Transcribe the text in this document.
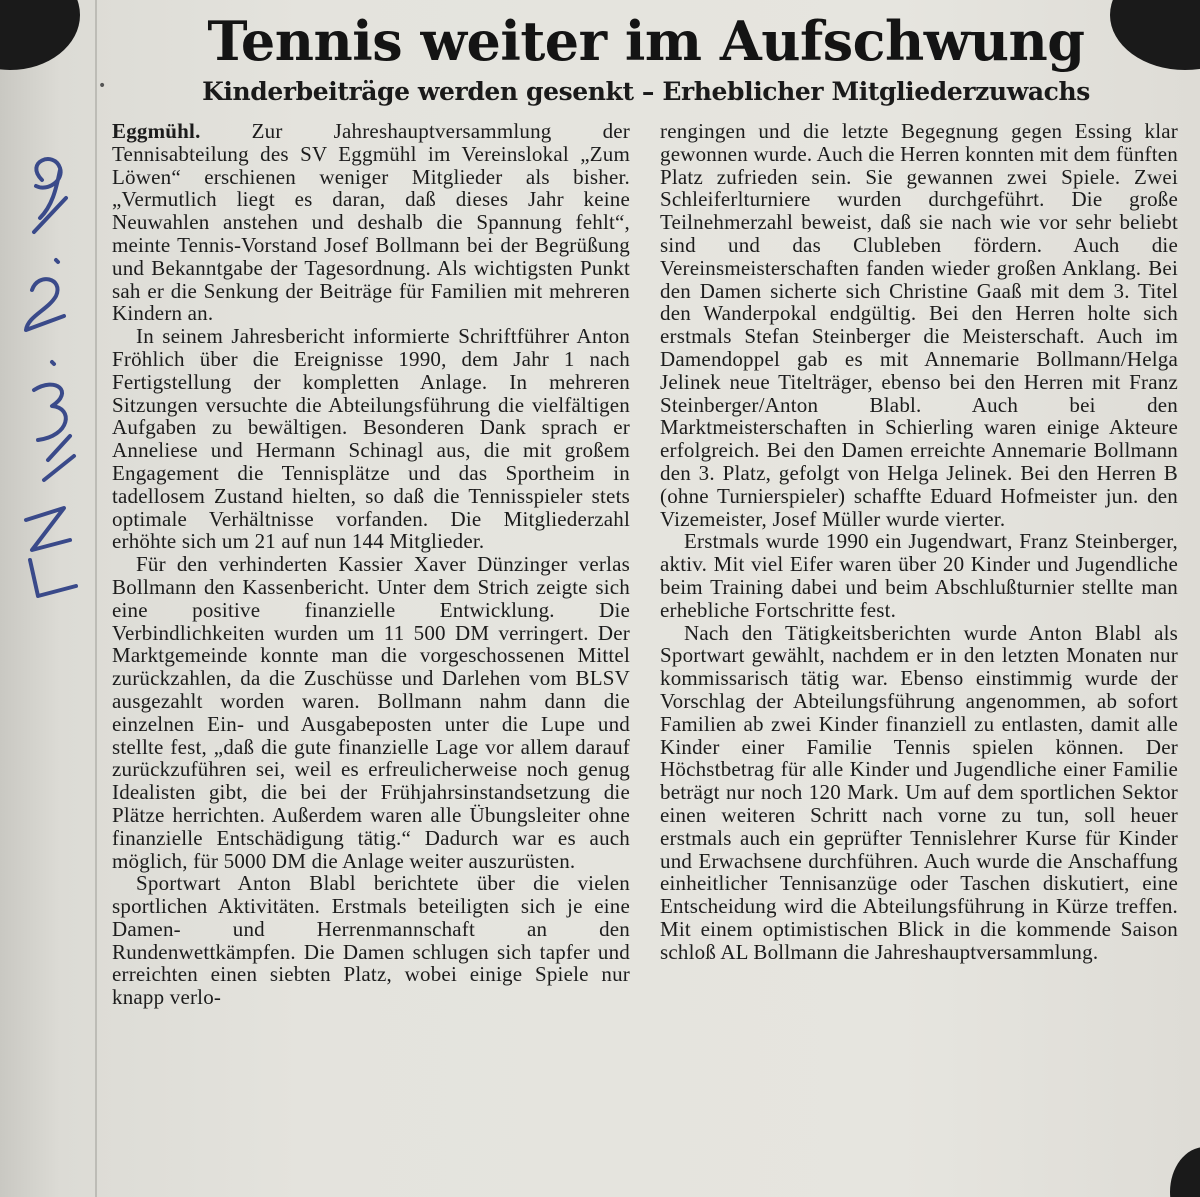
•
Tennis weiter im Aufschwung
Kinderbeiträge werden gesenkt – Erheblicher Mitgliederzuwachs

Eggmühl. Zur Jahreshauptversammlung der Tennisabteilung des SV Eggmühl im Vereinslokal „Zum Löwen“ erschienen weniger Mitglieder als bisher. „Vermutlich liegt es daran, daß dieses Jahr keine Neuwahlen anstehen und deshalb die Spannung fehlt“, meinte Tennis-Vorstand Josef Bollmann bei der Begrüßung und Bekanntgabe der Tagesordnung. Als wichtigsten Punkt sah er die Senkung der Beiträge für Familien mit mehreren Kindern an.

In seinem Jahresbericht informierte Schriftführer Anton Fröhlich über die Ereignisse 1990, dem Jahr 1 nach Fertigstellung der kompletten Anlage. In mehreren Sitzungen versuchte die Abteilungsführung die vielfältigen Aufgaben zu bewältigen. Besonderen Dank sprach er Anneliese und Hermann Schinagl aus, die mit großem Engagement die Tennisplätze und das Sportheim in tadellosem Zustand hielten, so daß die Tennisspieler stets optimale Verhältnisse vorfanden. Die Mitgliederzahl erhöhte sich um 21 auf nun 144 Mitglieder.

Für den verhinderten Kassier Xaver Dünzinger verlas Bollmann den Kassenbericht. Unter dem Strich zeigte sich eine positive finanzielle Entwicklung. Die Verbindlichkeiten wurden um 11 500 DM verringert. Der Marktgemeinde konnte man die vorgeschossenen Mittel zurückzahlen, da die Zuschüsse und Darlehen vom BLSV ausgezahlt worden waren. Bollmann nahm dann die einzelnen Ein- und Ausgabeposten unter die Lupe und stellte fest, „daß die gute finanzielle Lage vor allem darauf zurückzuführen sei, weil es erfreulicherweise noch genug Idealisten gibt, die bei der Frühjahrsinstandsetzung die Plätze herrichten. Außerdem waren alle Übungsleiter ohne finanzielle Entschädigung tätig.“ Dadurch war es auch möglich, für 5000 DM die Anlage weiter auszurüsten.

Sportwart Anton Blabl berichtete über die vielen sportlichen Aktivitäten. Erstmals beteiligten sich je eine Damen- und Herrenmannschaft an den Rundenwettkämpfen. Die Damen schlugen sich tapfer und erreichten einen siebten Platz, wobei einige Spiele nur knapp verlo-

rengingen und die letzte Begegnung gegen Essing klar gewonnen wurde. Auch die Herren konnten mit dem fünften Platz zufrieden sein. Sie gewannen zwei Spiele. Zwei Schleiferlturniere wurden durchgeführt. Die große Teilnehmerzahl beweist, daß sie nach wie vor sehr beliebt sind und das Clubleben fördern. Auch die Vereinsmeisterschaften fanden wieder großen Anklang. Bei den Damen sicherte sich Christine Gaaß mit dem 3. Titel den Wanderpokal endgültig. Bei den Herren holte sich erstmals Stefan Steinberger die Meisterschaft. Auch im Damendoppel gab es mit Annemarie Bollmann/Helga Jelinek neue Titelträger, ebenso bei den Herren mit Franz Steinberger/Anton Blabl. Auch bei den Marktmeisterschaften in Schierling waren einige Akteure erfolgreich. Bei den Damen erreichte Annemarie Bollmann den 3. Platz, gefolgt von Helga Jelinek. Bei den Herren B (ohne Turnierspieler) schaffte Eduard Hofmeister jun. den Vizemeister, Josef Müller wurde vierter.

Erstmals wurde 1990 ein Jugendwart, Franz Steinberger, aktiv. Mit viel Eifer waren über 20 Kinder und Jugendliche beim Training dabei und beim Abschlußturnier stellte man erhebliche Fortschritte fest.

Nach den Tätigkeitsberichten wurde Anton Blabl als Sportwart gewählt, nachdem er in den letzten Monaten nur kommissarisch tätig war. Ebenso einstimmig wurde der Vorschlag der Abteilungsführung angenommen, ab sofort Familien ab zwei Kinder finanziell zu entlasten, damit alle Kinder einer Familie Tennis spielen können. Der Höchstbetrag für alle Kinder und Jugendliche einer Familie beträgt nur noch 120 Mark. Um auf dem sportlichen Sektor einen weiteren Schritt nach vorne zu tun, soll heuer erstmals auch ein geprüfter Tennislehrer Kurse für Kinder und Erwachsene durchführen. Auch wurde die Anschaffung einheitlicher Tennisanzüge oder Taschen diskutiert, eine Entscheidung wird die Abteilungsführung in Kürze treffen. Mit einem optimistischen Blick in die kommende Saison schloß AL Bollmann die Jahreshauptversammlung.
